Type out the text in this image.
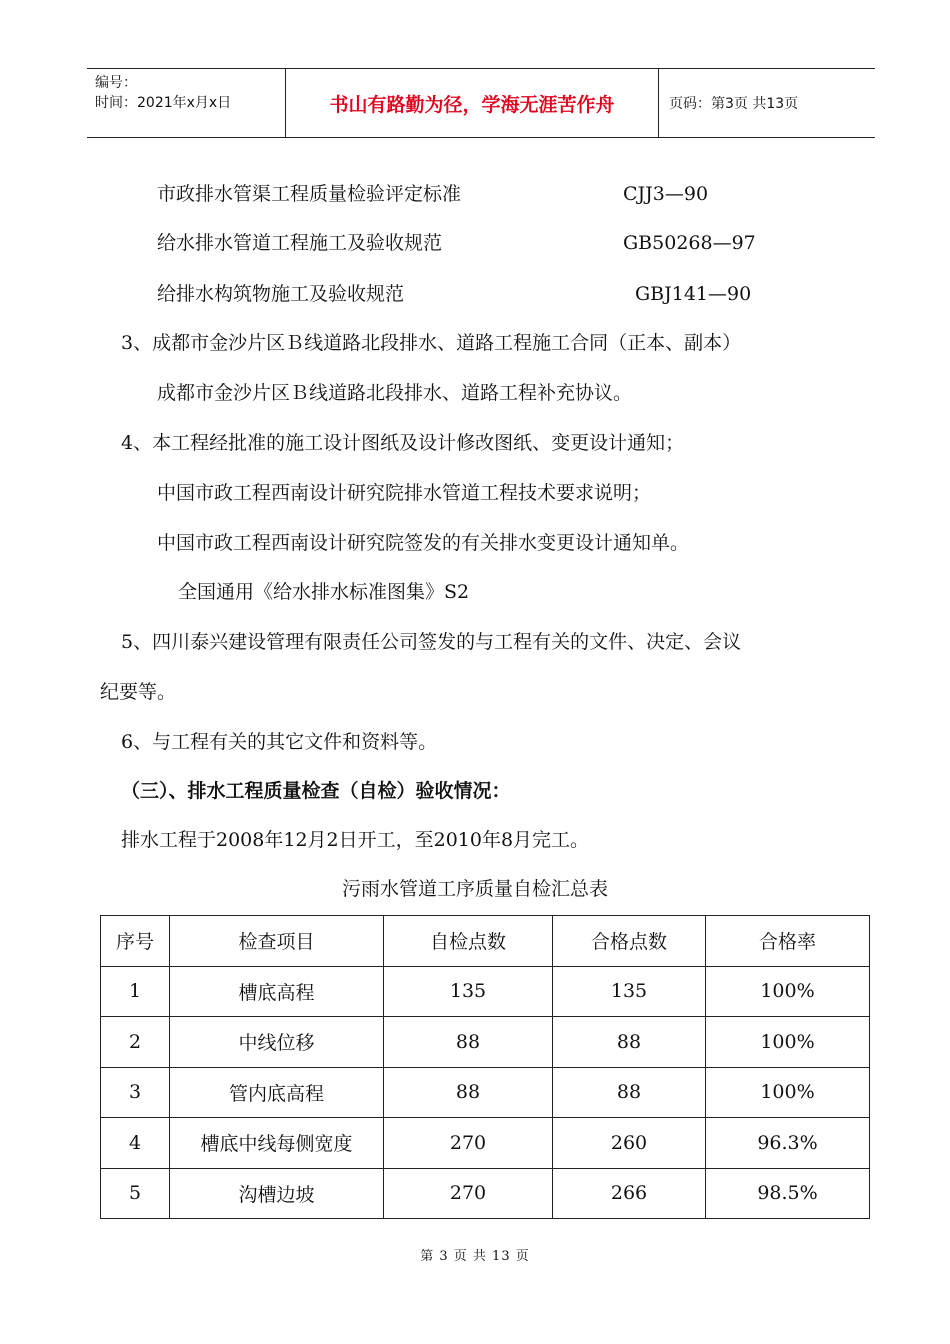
编号：
时间：2021年x月x日	书山有路勤为径，学海无涯苦作舟	页码：第3页 共13页
市政排水管渠工程质量检验评定标准	CJJ3—90
给水排水管道工程施工及验收规范	GB50268—97
给排水构筑物施工及验收规范	GBJ141—90
3、成都市金沙片区Ｂ线道路北段排水、道路工程施工合同（正本、副本）
成都市金沙片区Ｂ线道路北段排水、道路工程补充协议。
4、本工程经批准的施工设计图纸及设计修改图纸、变更设计通知；
中国市政工程西南设计研究院排水管道工程技术要求说明；
中国市政工程西南设计研究院签发的有关排水变更设计通知单。
全国通用《给水排水标准图集》S2
5、四川泰兴建设管理有限责任公司签发的与工程有关的文件、决定、会议
纪要等。
6、与工程有关的其它文件和资料等。
（三）、排水工程质量检查（自检）验收情况：
排水工程于2008年12月2日开工，至2010年8月完工。
污雨水管道工序质量自检汇总表
序号	检查项目	自检点数	合格点数	合格率
1	槽底高程	135	135	100%
2	中线位移	88	88	100%
3	管内底高程	88	88	100%
4	槽底中线每侧宽度	270	260	96.3%
5	沟槽边坡	270	266	98.5%
第 3 页 共 13 页
